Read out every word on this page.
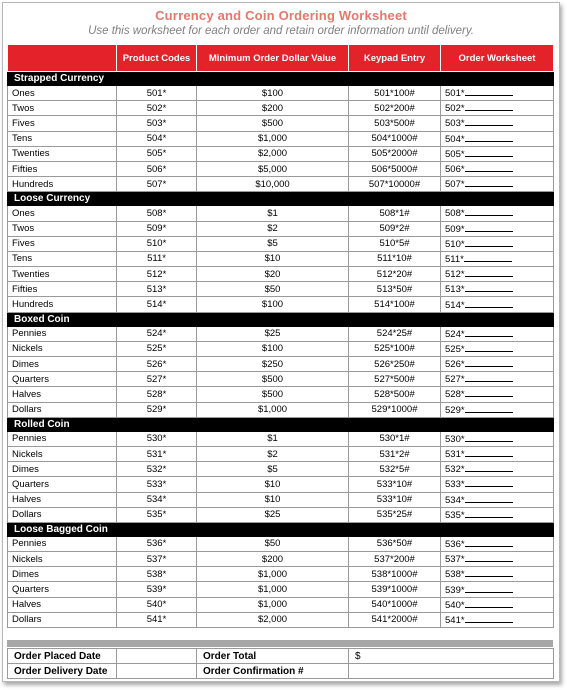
Currency and Coin Ordering Worksheet
Use this worksheet for each order and retain order information until delivery.
	Product Codes	Minimum Order Dollar Value	Keypad Entry	Order Worksheet
Strapped Currency				
Ones	501*	$100	501*100#	501*
Twos	502*	$200	502*200#	502*
Fives	503*	$500	503*500#	503*
Tens	504*	$1,000	504*1000#	504*
Twenties	505*	$2,000	505*2000#	505*
Fifties	506*	$5,000	506*5000#	506*
Hundreds	507*	$10,000	507*10000#	507*
Loose Currency				
Ones	508*	$1	508*1#	508*
Twos	509*	$2	509*2#	509*
Fives	510*	$5	510*5#	510*
Tens	511*	$10	511*10#	511*
Twenties	512*	$20	512*20#	512*
Fifties	513*	$50	513*50#	513*
Hundreds	514*	$100	514*100#	514*
Boxed Coin				
Pennies	524*	$25	524*25#	524*
Nickels	525*	$100	525*100#	525*
Dimes	526*	$250	526*250#	526*
Quarters	527*	$500	527*500#	527*
Halves	528*	$500	528*500#	528*
Dollars	529*	$1,000	529*1000#	529*
Rolled Coin				
Pennies	530*	$1	530*1#	530*
Nickels	531*	$2	531*2#	531*
Dimes	532*	$5	532*5#	532*
Quarters	533*	$10	533*10#	533*
Halves	534*	$10	533*10#	534*
Dollars	535*	$25	535*25#	535*
Loose Bagged Coin				
Pennies	536*	$50	536*50#	536*
Nickels	537*	$200	537*200#	537*
Dimes	538*	$1,000	538*1000#	538*
Quarters	539*	$1,000	539*1000#	539*
Halves	540*	$1,000	540*1000#	540*
Dollars	541*	$2,000	541*2000#	541*
Order Placed Date		Order Total	$
Order Delivery Date		Order Confirmation #	
